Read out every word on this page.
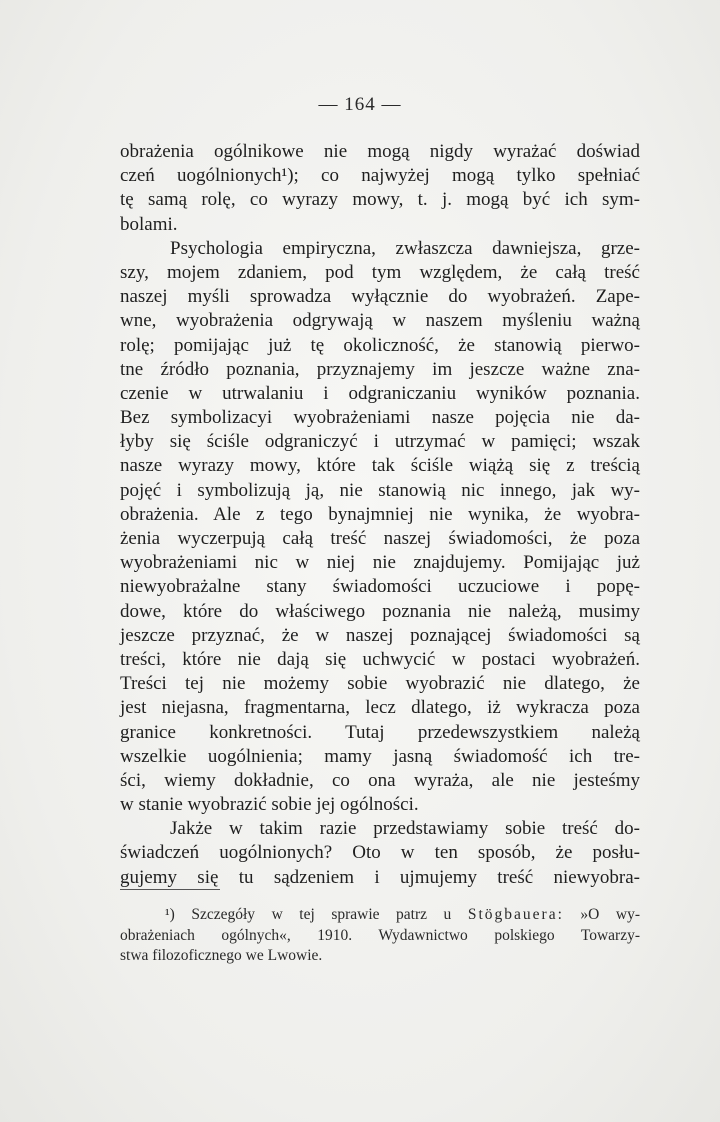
— 164 —
obrażenia ogólnikowe nie mogą nigdy wyrażać doświad
czeń uogólnionych¹); co najwyżej mogą tylko spełniać
tę samą rolę, co wyrazy mowy, t. j. mogą być ich sym-
bolami.
Psychologia empiryczna, zwłaszcza dawniejsza, grze-
szy, mojem zdaniem, pod tym względem, że całą treść
naszej myśli sprowadza wyłącznie do wyobrażeń. Zape-
wne, wyobrażenia odgrywają w naszem myśleniu ważną
rolę; pomijając już tę okoliczność, że stanowią pierwo-
tne źródło poznania, przyznajemy im jeszcze ważne zna-
czenie w utrwalaniu i odgraniczaniu wyników poznania.
Bez symbolizacyi wyobrażeniami nasze pojęcia nie da-
łyby się ściśle odgraniczyć i utrzymać w pamięci; wszak
nasze wyrazy mowy, które tak ściśle wiążą się z treścią
pojęć i symbolizują ją, nie stanowią nic innego, jak wy-
obrażenia. Ale z tego bynajmniej nie wynika, że wyobra-
żenia wyczerpują całą treść naszej świadomości, że poza
wyobrażeniami nic w niej nie znajdujemy. Pomijając już
niewyobrażalne stany świadomości uczuciowe i popę-
dowe, które do właściwego poznania nie należą, musimy
jeszcze przyznać, że w naszej poznającej świadomości są
treści, które nie dają się uchwycić w postaci wyobrażeń.
Treści tej nie możemy sobie wyobrazić nie dlatego, że
jest niejasna, fragmentarna, lecz dlatego, iż wykracza poza
granice konkretności. Tutaj przedewszystkiem należą
wszelkie uogólnienia; mamy jasną świadomość ich tre-
ści, wiemy dokładnie, co ona wyraża, ale nie jesteśmy
w stanie wyobrazić sobie jej ogólności.
Jakże w takim razie przedstawiamy sobie treść do-
świadczeń uogólnionych? Oto w ten sposób, że posłu-
gujemy się tu sądzeniem i ujmujemy treść niewyobra-
¹) Szczegóły w tej sprawie patrz u Stögbauera: »O wy-
obrażeniach ogólnych«, 1910. Wydawnictwo polskiego Towarzy-
stwa filozoficznego we Lwowie.
